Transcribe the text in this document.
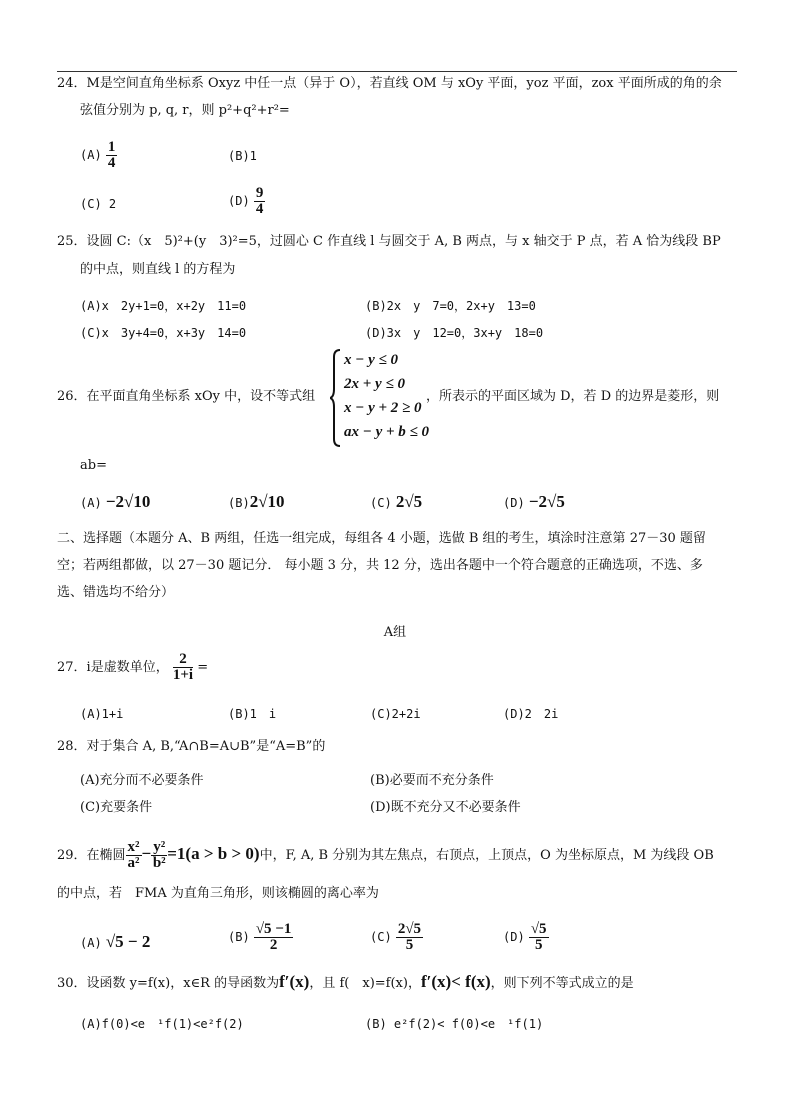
24．M是空间直角坐标系 Oxyz 中任一点（异于 O），若直线 OM 与 xOy 平面，yoz 平面，zox 平面所成的角的余
弦值分别为 p, q, r，则 p²+q²+r²=
$(A) \frac{1}{4}$	(B)1
(C) 2	$(D) \frac{9}{4}$
25．设圆 C:（x　5)²+(y　3)²=5，过圆心 C 作直线 l 与圆交于 A, B 两点，与 x 轴交于 P 点，若 A 恰为线段 BP
的中点，则直线 l 的方程为
(A)x　2y+1=0，x+2y　11=0	(B)2x　y　7=0，2x+y　13=0
(C)x　3y+4=0，x+3y　14=0	(D)3x　y　12=0，3x+y　18=0
26．在平面直角坐标系 xOy 中，设不等式组
x − y ≤ 0
2x + y ≤ 0
x − y + 2 ≥ 0
ax − y + b ≤ 0
，所表示的平面区域为 D，若 D 的边界是菱形，则
ab=
(A) −2√10	(B)2√10	(C) 2√5	(D) −2√5
二、选择题（本题分 A、B 两组，任选一组完成，每组各 4 小题，选做 B 组的考生，填涂时注意第 27－30 题留
空；若两组都做，以 27－30 题记分． 每小题 3 分，共 12 分，选出各题中一个符合题意的正确选项，不选、多
选、错选均不给分）
A组
27．i是虚数单位， $\frac{2}{1+i}$ =
(A)1+i	(B)1　i	(C)2+2i	(D)2　2i
28．对于集合 A, B,“A∩B=A∪B”是“A=B”的
(A)充分而不必要条件	(B)必要而不充分条件
(C)充要条件	(D)既不充分又不必要条件
29．在椭圆 $\frac{\text{x²}}{\text{a²}} - \frac{\text{y²}}{\text{b²}} =1(a > b > 0)$中，F, A, B 分别为其左焦点，右顶点，上顶点，O 为坐标原点，M 为线段 OB
的中点，若　FMA 为直角三角形，则该椭圆的离心率为
(A) √5 − 2	$(B) \frac{√5 -1}{2}$	$(C) \frac{2√5}{5}$	$(D) \frac{√5}{5}$
30．设函数 y=f(x)，x∈R 的导函数为f′(x)，且 f(　x)=f(x)，f′(x)< f(x)，则下列不等式成立的是
(A)f(0)<e　¹f(1)<e²f(2)	(B) e²f(2)< f(0)<e　¹f(1)
